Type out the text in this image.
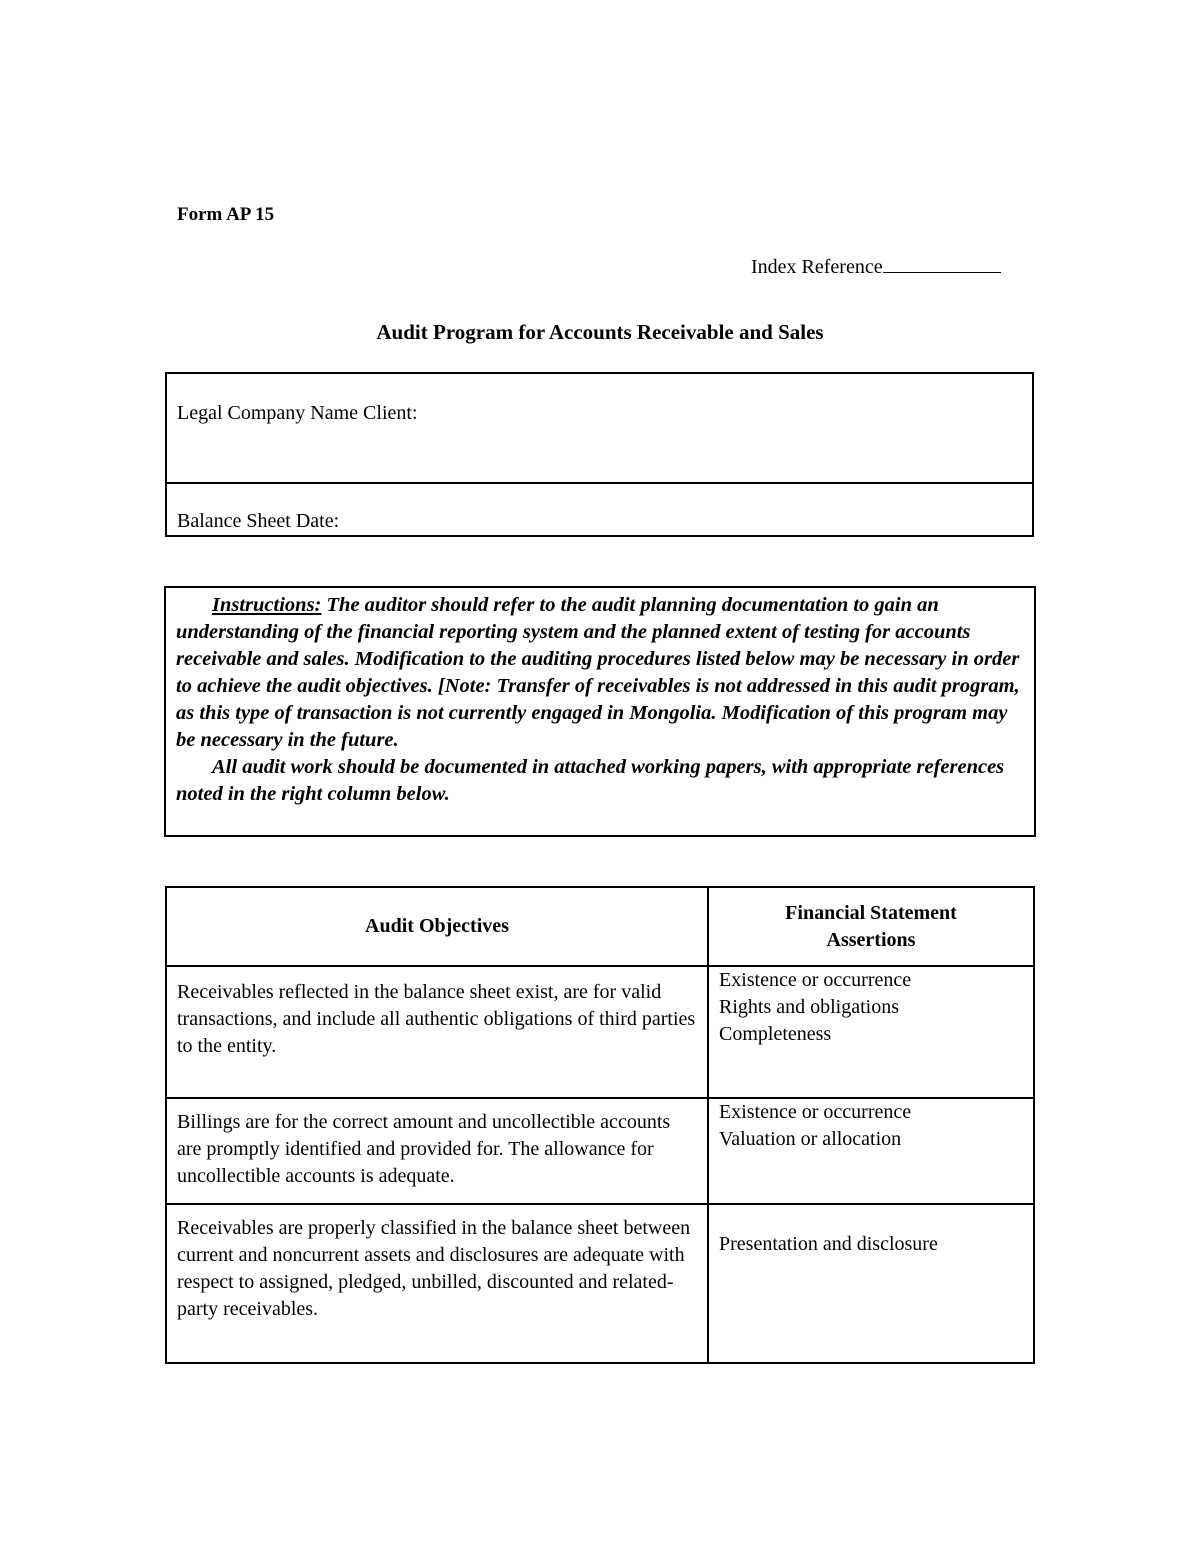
Form AP 15
Index Reference
Audit Program for Accounts Receivable and Sales
Legal Company Name Client:
Balance Sheet Date:

Instructions: The auditor should refer to the audit planning documentation to gain an understanding of the financial reporting system and the planned extent of testing for accounts receivable and sales. Modification to the auditing procedures listed below may be necessary in order to achieve the audit objectives. [Note: Transfer of receivables is not addressed in this audit program, as this type of transaction is not currently engaged in Mongolia. Modification of this program may be necessary in the future.

All audit work should be documented in attached working papers, with appropriate references noted in the right column below.

Audit Objectives	Financial Statement Assertions
Receivables reflected in the balance sheet exist, are for valid transactions, and include all authentic obligations of third parties to the entity.	Existence or occurrence
Rights and obligations
Completeness

Billings are for the correct amount and uncollectible accounts are promptly identified and provided for. The allowance for uncollectible accounts is adequate.	Existence or occurrence
Valuation or allocation

Receivables are properly classified in the balance sheet between current and noncurrent assets and disclosures are adequate with respect to assigned, pledged, unbilled, discounted and related-party receivables.	Presentation and disclosure
